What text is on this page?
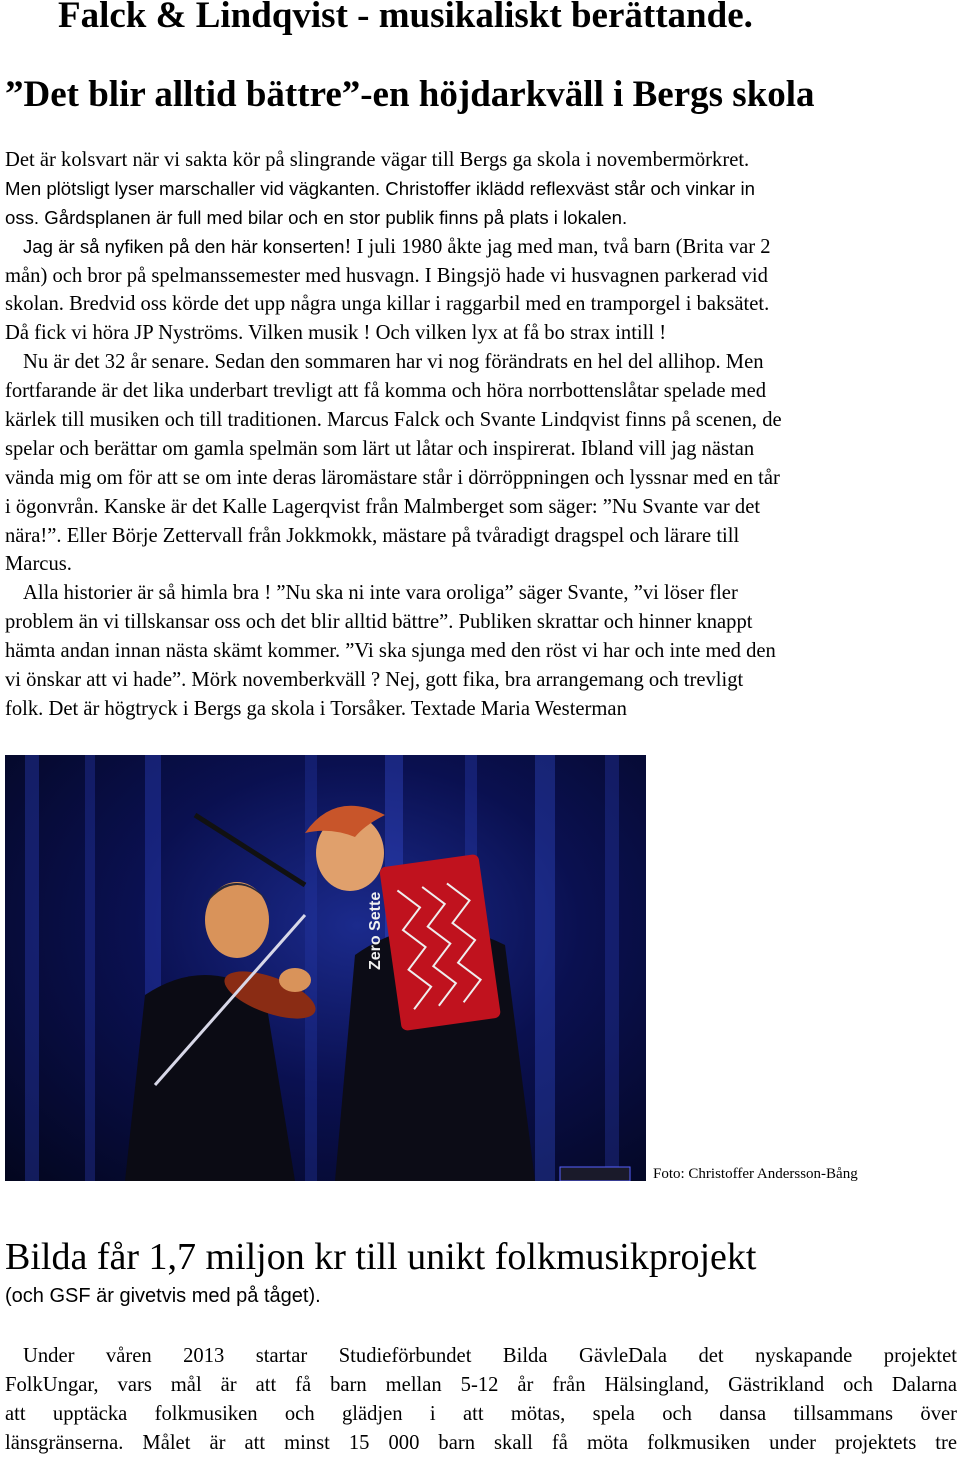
Falck & Lindqvist - musikaliskt berättande.
”Det blir alltid bättre”-en höjdarkväll i Bergs skola
Det är kolsvart när vi sakta kör på slingrande vägar till Bergs ga skola i novembermörkret.
Men plötsligt lyser marschaller vid vägkanten. Christoffer iklädd reflexväst står och vinkar in
oss. Gårdsplanen är full med bilar och en stor publik finns på plats i lokalen.
Jag är så nyfiken på den här konserten! I juli 1980 åkte jag med man, två barn (Brita var 2
mån) och bror på spelmanssemester med husvagn. I Bingsjö hade vi husvagnen parkerad vid
skolan. Bredvid oss körde det upp några unga killar i raggarbil med en tramporgel i baksätet.
Då fick vi höra JP Nyströms. Vilken musik ! Och vilken lyx at få bo strax intill !
Nu är det 32 år senare. Sedan den sommaren har vi nog förändrats en hel del allihop. Men
fortfarande är det lika underbart trevligt att få komma och höra norrbottenslåtar spelade med
kärlek till musiken och till traditionen. Marcus Falck och Svante Lindqvist finns på scenen, de
spelar och berättar om gamla spelmän som lärt ut låtar och inspirerat. Ibland vill jag nästan
vända mig om för att se om inte deras läromästare står i dörröppningen och lyssnar med en tår
i ögonvrån. Kanske är det Kalle Lagerqvist från Malmberget som säger: ”Nu Svante var det
nära!”. Eller Börje Zettervall från Jokkmokk, mästare på tvåradigt dragspel och lärare till
Marcus.
Alla historier är så himla bra ! ”Nu ska ni inte vara oroliga” säger Svante, ”vi löser fler
problem än vi tillskansar oss och det blir alltid bättre”. Publiken skrattar och hinner knappt
hämta andan innan nästa skämt kommer. ”Vi ska sjunga med den röst vi har och inte med den
vi önskar att vi hade”. Mörk novemberkväll ? Nej, gott fika, bra arrangemang och trevligt
folk. Det är högtryck i Bergs ga skola i Torsåker. Textade Maria Westerman
Zero Sette
Foto: Christoffer Andersson-Bång
Bilda får 1,7 miljon kr till unikt folkmusikprojekt
(och GSF är givetvis med på tåget).
Under våren 2013 startar Studieförbundet Bilda GävleDala det nyskapande projektet
FolkUngar, vars mål är att få barn mellan 5-12 år från Hälsingland, Gästrikland och Dalarna
att upptäcka folkmusiken och glädjen i att mötas, spela och dansa tillsammans över
länsgränserna. Målet är att minst 15 000 barn skall få möta folkmusiken under projektets tre
